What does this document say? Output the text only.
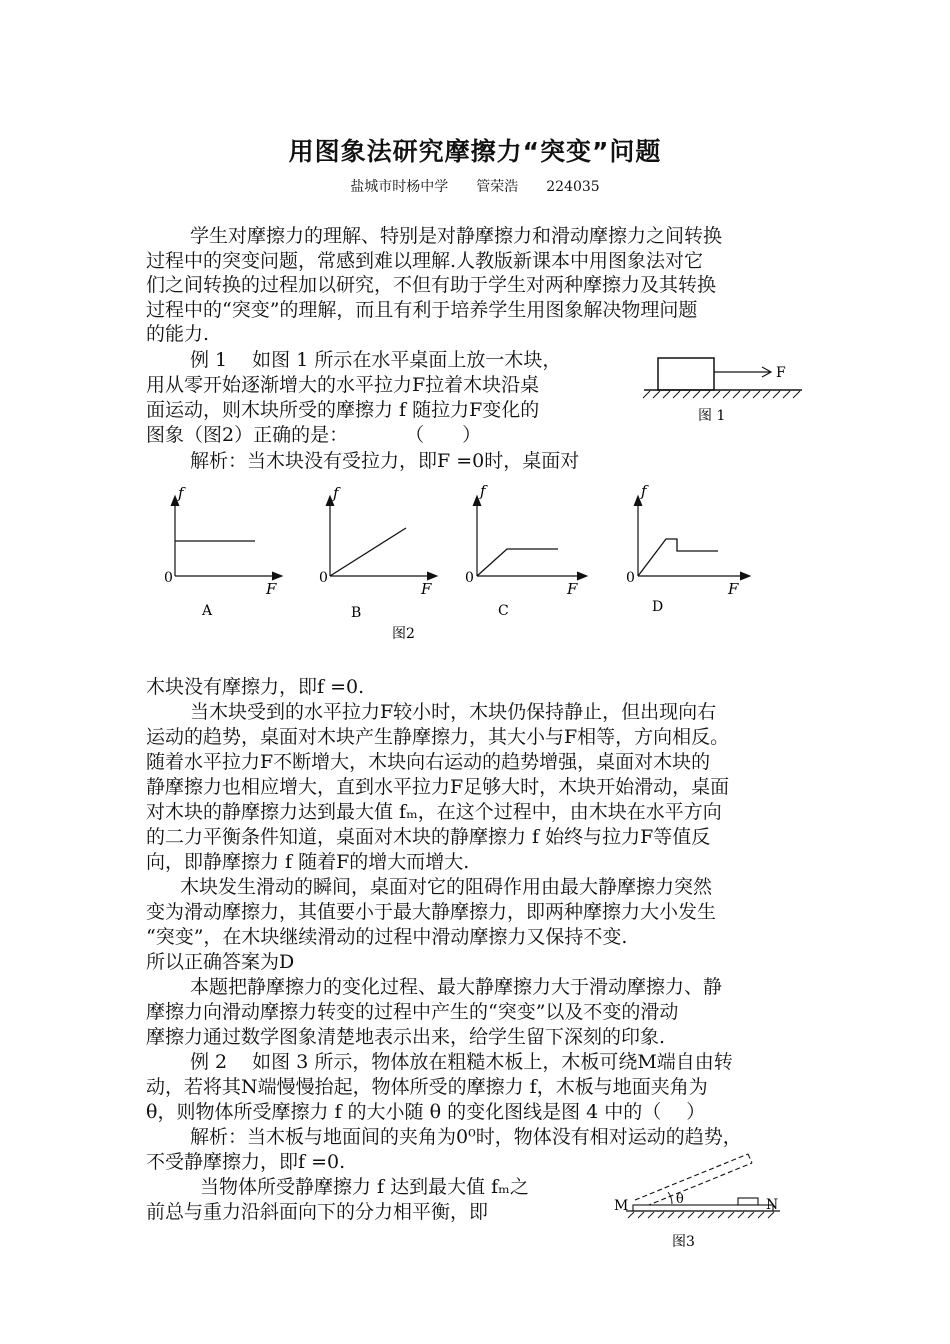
用图象法研究摩擦力“突变”问题
盐城市时杨中学　　管荣浩　　224035
学生对摩擦力的理解、特别是对静摩擦力和滑动摩擦力之间转换
过程中的突变问题，常感到难以理解.人教版新课本中用图象法对它
们之间转换的过程加以研究，不但有助于学生对两种摩擦力及其转换
过程中的“突变”的理解，而且有利于培养学生用图象解决物理问题
的能力.
例 1　 如图 1 所示在水平桌面上放一木块，
用从零开始逐渐增大的水平拉力F拉着木块沿桌
面运动，则木块所受的摩擦力 f 随拉力F变化的
图象（图2）正确的是：　　　　（　　）
解析：当木块没有受拉力，即F =0时，桌面对
F
图 1
f
F
0
A
f
F
0
B
f
F
0
C
f
F
0
D
图2
木块没有摩擦力，即f =0.
当木块受到的水平拉力F较小时，木块仍保持静止，但出现向右
运动的趋势，桌面对木块产生静摩擦力，其大小与F相等，方向相反。
随着水平拉力F不断增大，木块向右运动的趋势增强，桌面对木块的
静摩擦力也相应增大，直到水平拉力F足够大时，木块开始滑动，桌面
对木块的静摩擦力达到最大值 fₘ，在这个过程中，由木块在水平方向
的二力平衡条件知道，桌面对木块的静摩擦力 f 始终与拉力F等值反
向，即静摩擦力 f 随着F的增大而增大.
木块发生滑动的瞬间，桌面对它的阻碍作用由最大静摩擦力突然
变为滑动摩擦力，其值要小于最大静摩擦力，即两种摩擦力大小发生
“突变”，在木块继续滑动的过程中滑动摩擦力又保持不变.
所以正确答案为D
本题把静摩擦力的变化过程、最大静摩擦力大于滑动摩擦力、静
摩擦力向滑动摩擦力转变的过程中产生的“突变”以及不变的滑动
摩擦力通过数学图象清楚地表示出来，给学生留下深刻的印象.
例 2　 如图 3 所示，物体放在粗糙木板上，木板可绕M端自由转
动，若将其N端慢慢抬起，物体所受的摩擦力 f，木板与地面夹角为
θ，则物体所受摩擦力 f 的大小随 θ 的变化图线是图 4 中的（　 ）
解析：当木板与地面间的夹角为0⁰时，物体没有相对运动的趋势，
不受静摩擦力，即f =0.
当物体所受静摩擦力 f 达到最大值 fₘ之
前总与重力沿斜面向下的分力相平衡，即
θ
M	N
图3
